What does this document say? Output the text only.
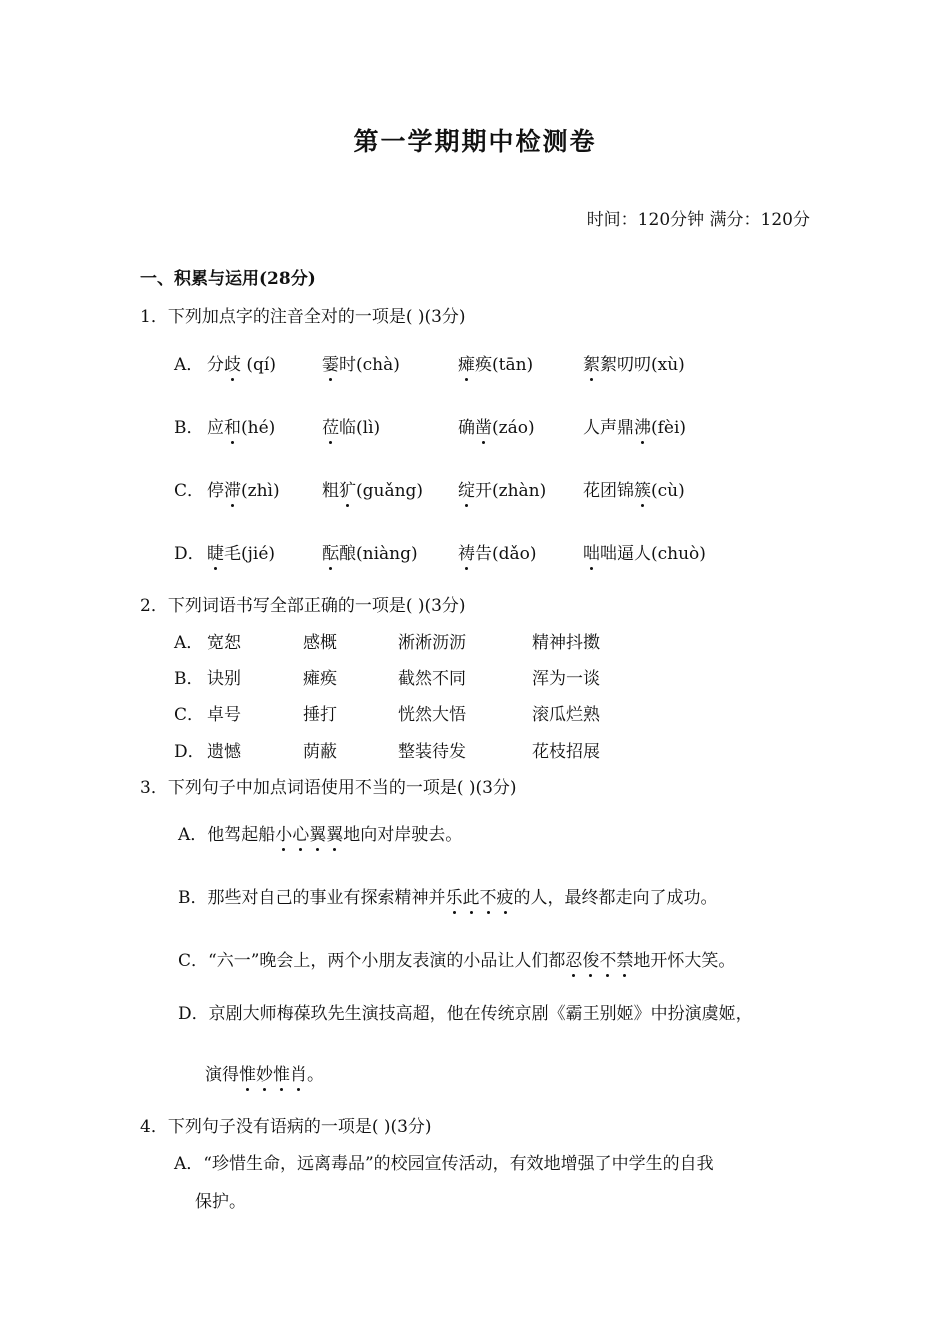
第一学期期中检测卷
时间：120分钟 满分：120分
一、积累与运用(28分)
1．下列加点字的注音全对的一项是( )(3分)
A． 分歧 (qí)	霎时(chà)	瘫痪(tān)	絮絮叨叨(xù)
B． 应和(hé)	莅临(lì)	确凿(záo)	人声鼎沸(fèi)
C． 停滞(zhì) 粗犷(guǎng) 绽开(zhàn) 花团锦簇(cù)
D． 睫毛(jié)	酝酿(niàng) 祷告(dǎo)	咄咄逼人(chuò)
2．下列词语书写全部正确的一项是( )(3分)
A． 宽恕	感概	淅淅沥沥	精神抖擞
B． 诀别	瘫痪	截然不同	浑为一谈
C． 卓号	捶打	恍然大悟	滚瓜烂熟
D． 遗憾	荫蔽	整装待发	花枝招展
3．下列句子中加点词语使用不当的一项是( )(3分)
A．他驾起船小心翼翼地向对岸驶去。
B．那些对自己的事业有探索精神并乐此不疲的人，最终都走向了成功。
C．“六一”晚会上，两个小朋友表演的小品让人们都忍俊不禁地开怀大笑。
D．京剧大师梅葆玖先生演技高超，他在传统京剧《霸王别姬》中扮演虞姬，
演得惟妙惟肖。
4．下列句子没有语病的一项是( )(3分)
A．“珍惜生命，远离毒品”的校园宣传活动，有效地增强了中学生的自我
保护。
